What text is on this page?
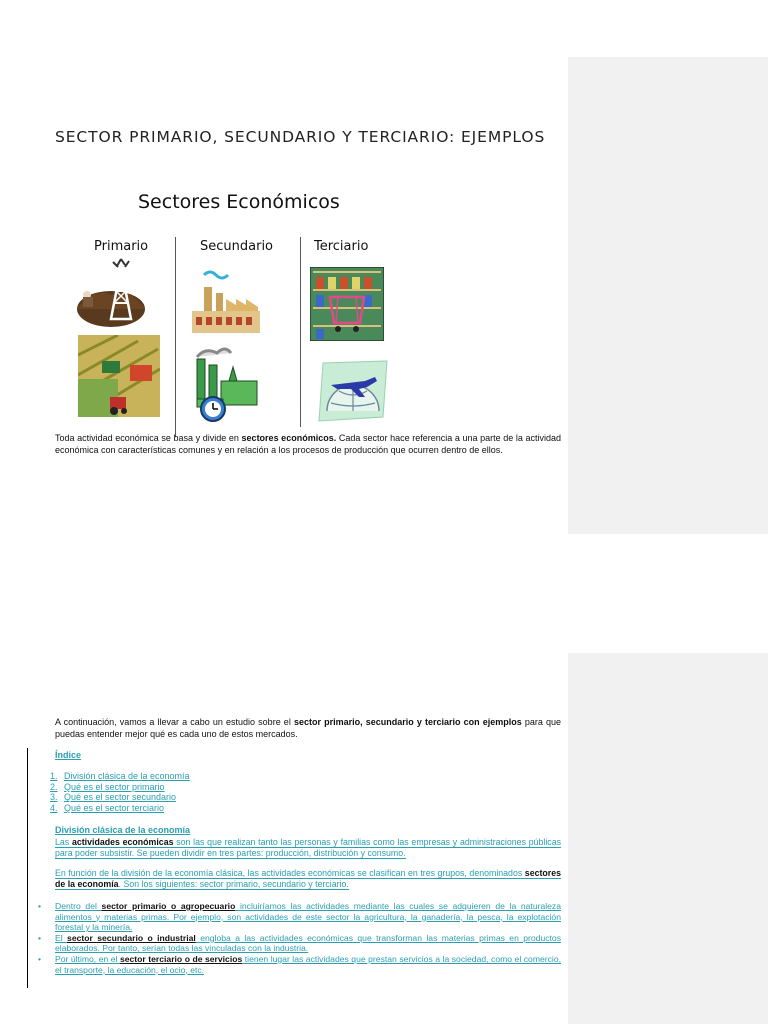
SECTOR PRIMARIO, SECUNDARIO Y TERCIARIO: EJEMPLOS
Sectores Económicos
Primario	Secundario	Terciario

Toda actividad económica se basa y divide en sectores económicos. Cada sector hace referencia a una parte de la actividad económica con características comunes y en relación a los procesos de producción que ocurren dentro de ellos.

A continuación, vamos a llevar a cabo un estudio sobre el sector primario, secundario y terciario con ejemplos para que puedas entender mejor qué es cada uno de estos mercados.

Índice
1. División clásica de la economía
2. Qué es el sector primario
3. Qué es el sector secundario
4. Qué es el sector terciario
División clásica de la economía

Las actividades económicas son las que realizan tanto las personas y familias como las empresas y administraciones públicas para poder subsistir. Se pueden dividir en tres partes: producción, distribución y consumo.

En función de la división de la economía clásica, las actividades económicas se clasifican en tres grupos, denominados sectores de la economía. Son los siguientes: sector primario, secundario y terciario.

• Dentro del sector primario o agropecuario incluiríamos las actividades mediante las cuales se adquieren de la naturaleza alimentos y materias primas. Por ejemplo, son actividades de este sector la agricultura, la ganadería, la pesca, la explotación forestal y la minería.
• El sector secundario o industrial engloba a las actividades económicas que transforman las materias primas en productos elaborados. Por tanto, serían todas las vinculadas con la industria.
• Por último, en el sector terciario o de servicios tienen lugar las actividades que prestan servicios a la sociedad, como el comercio, el transporte, la educación, el ocio, etc.
